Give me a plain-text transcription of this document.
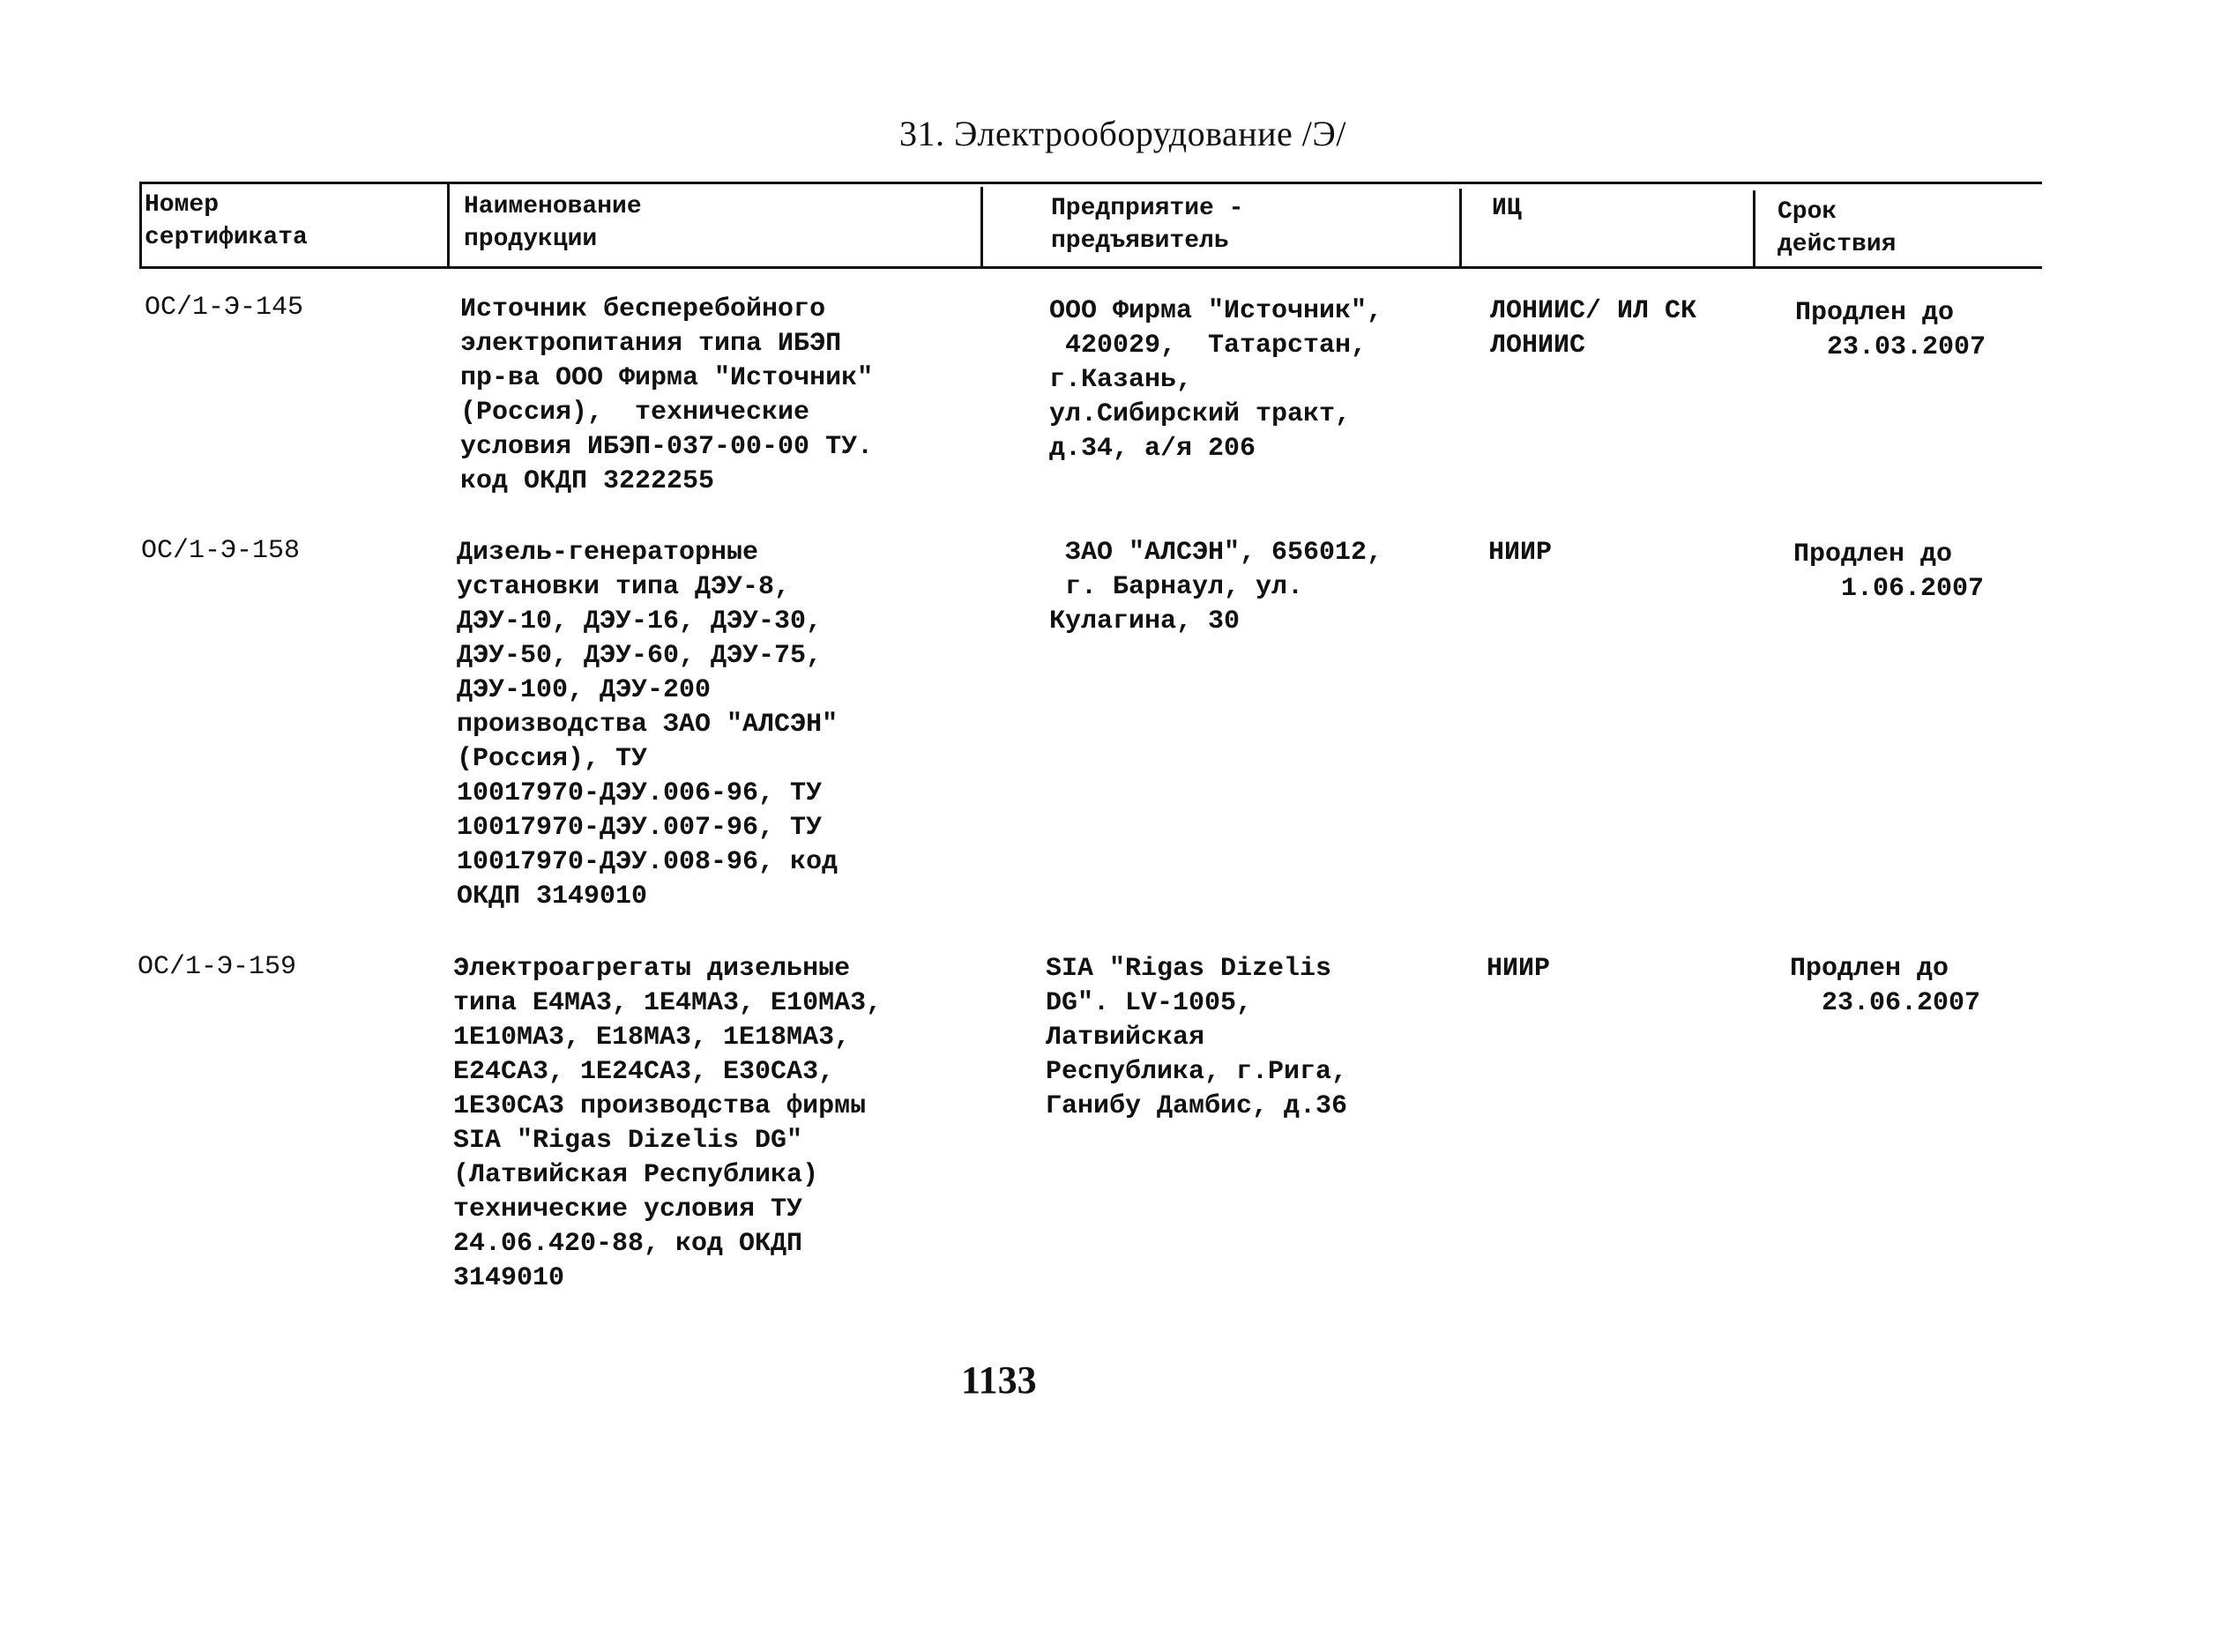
31. Электрооборудование /Э/
Номер
сертификата
Наименование
продукции
Предприятие -
предъявитель
ИЦ	Срок
действия
ОС/1-Э-145	Источник бесперебойного
электропитания типа ИБЭП
пр-ва ООО Фирма "Источник"
(Россия),  технические
условия ИБЭП-037-00-00 ТУ.
код ОКДП 3222255
ООО Фирма "Источник",
420029,  Татарстан,
г.Казань,
ул.Сибирский тракт,
д.34, а/я 206
ЛОНИИС/ ИЛ СК
ЛОНИИС
Продлен до
23.03.2007
ОС/1-Э-158	Дизель-генераторные
установки типа ДЭУ-8,
ДЭУ-10, ДЭУ-16, ДЭУ-30,
ДЭУ-50, ДЭУ-60, ДЭУ-75,
ДЭУ-100, ДЭУ-200
производства ЗАО "АЛСЭН"
(Россия), ТУ
10017970-ДЭУ.006-96, ТУ
10017970-ДЭУ.007-96, ТУ
10017970-ДЭУ.008-96, код
ОКДП 3149010
ЗАО "АЛСЭН", 656012,
г. Барнаул, ул.
Кулагина, 30
НИИР	Продлен до
1.06.2007
ОС/1-Э-159	Электроагрегаты дизельные
типа Е4МА3, 1Е4МА3, Е10МА3,
1Е10МА3, Е18МА3, 1Е18МА3,
Е24СА3, 1Е24СА3, Е30СА3,
1Е30СА3 производства фирмы
SIA "Rigas Dizelis DG"
(Латвийская Республика)
технические условия ТУ
24.06.420-88, код ОКДП
3149010
SIA "Rigas Dizelis
DG". LV-1005,
Латвийская
Республика, г.Рига,
Ганибу Дамбис, д.36
НИИР	Продлен до
23.06.2007
1133
